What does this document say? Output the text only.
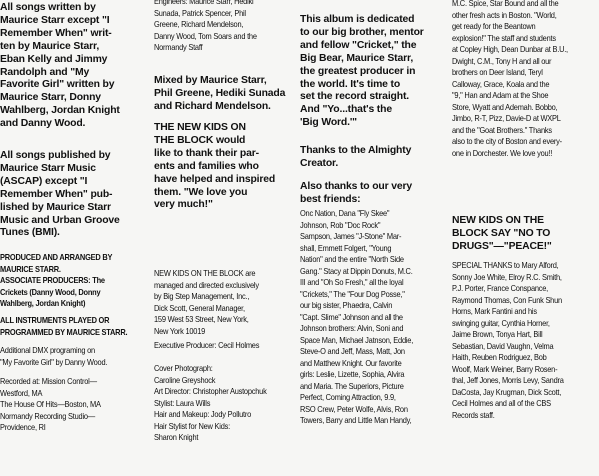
All songs written by
Maurice Starr except "I
Remember When" writ-
ten by Maurice Starr,
Eban Kelly and Jimmy
Randolph and "My
Favorite Girl" written by
Maurice Starr, Donny
Wahlberg, Jordan Knight
and Danny Wood.

All songs published by
Maurice Starr Music
(ASCAP) except "I
Remember When" pub-
lished by Maurice Starr
Music and Urban Groove
Tunes (BMI).

PRODUCED AND ARRANGED BY
MAURICE STARR.
ASSOCIATE PRODUCERS: The
Crickets (Danny Wood, Donny
Wahlberg, Jordan Knight)

ALL INSTRUMENTS PLAYED OR
PROGRAMMED BY MAURICE STARR.

Additional DMX programing on
"My Favorite Girl" by Danny Wood.

Recorded at: Mission Control—
Westford, MA
The House Of Hits—Boston, MA
Normandy Recording Studio—
Providence, RI

Engineers: Maurice Starr, Hediki
Sunada, Patrick Spencer, Phil
Greene, Richard Mendelson,
Danny Wood, Tom Soars and the
Normandy Staff

Mixed by Maurice Starr,
Phil Greene, Hediki Sunada
and Richard Mendelson.

THE NEW KIDS ON
THE BLOCK would
like to thank their par-
ents and families who
have helped and inspired
them. "We love you
very much!"

NEW KIDS ON THE BLOCK are
managed and directed exclusively
by Big Step Management, Inc.,
Dick Scott, General Manager,
159 West 53 Street, New York,
New York 10019

Executive Producer: Cecil Holmes

Cover Photograph:
Caroline Greyshock
Art Director: Christopher Austopchuk
Stylist: Laura Wills
Hair and Makeup: Jody Pollutro
Hair Stylist for New Kids:
Sharon Knight

This album is dedicated
to our big brother, mentor
and fellow "Cricket," the
Big Bear, Maurice Starr,
the greatest producer in
the world. It's time to
set the record straight.
And "Yo...that's the
'Big Word.'"

Thanks to the Almighty
Creator.

Also thanks to our very
best friends:

Onc Nation, Dana "Fly Skee"
Johnson, Rob "Doc Rock"
Sampson, James "J-Stone" Mar-
shall, Emmett Folgert, "Young
Nation" and the entire "North Side
Gang." Stacy at Dippin Donuts, M.C.
III and "Oh So Fresh," all the loyal
"Crickets," The "Four Dog Posse,"
our big sister, Phaedra, Calvin
"Capt. Slime" Johnson and all the
Johnson brothers: Alvin, Soni and
Space Man, Michael Jatnson, Eddie,
Steve-O and Jeff, Mass, Matt, Jon
and Matthew Knight. Our favorite
girls: Leslie, Lizette, Sophia, Alvira
and Maria. The Superiors, Picture
Perfect, Coming Attraction, 9.9,
RSO Crew, Peter Wolfe, Alvis, Ron
Towers, Barry and Little Man Handy,

M.C. Spice, Star Bound and all the
other fresh acts in Boston. "World,
get ready for the Beantown
explosion!" The staff and students
at Copley High, Dean Dunbar at B.U.,
Dwight, C.M., Tony H and all our
brothers on Deer Island, Teryl
Calloway, Grace, Koala and the
"9," Han and Adam at the Shoe
Store, Wyatt and Ademah. Bobbo,
Jimbo, R-T, Pizz, Davie-D at WXPL
and the "Goat Brothers." Thanks
also to the city of Boston and every-
one in Dorchester. We love you!!

NEW KIDS ON THE
BLOCK SAY "NO TO
DRUGS"—"PEACE!"

SPECIAL THANKS to Mary Alford,
Sonny Joe White, Elroy R.C. Smith,
P.J. Porter, France Conspance,
Raymond Thomas, Con Funk Shun
Horns, Mark Fantini and his
swinging guitar, Cynthia Horner,
Jaime Brown, Tonya Hart, Bill
Sebastian, David Vaughn, Velma
Haith, Reuben Rodriguez, Bob
Woolf, Mark Weiner, Barry Rosen-
thal, Jeff Jones, Morris Levy, Sandra
DaCosta, Jay Krugman, Dick Scott,
Cecil Holmes and all of the CBS
Records staff.
